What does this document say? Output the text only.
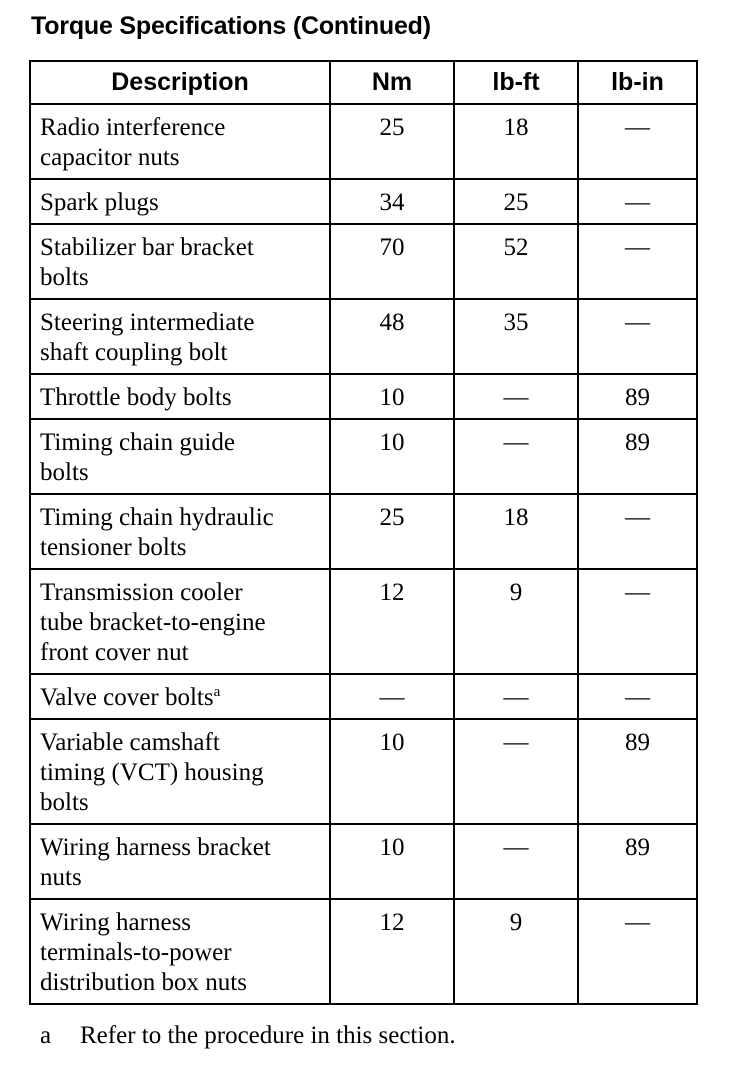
Torque Specifications (Continued)
Description	Nm	lb-ft	lb-in
Radio interference
capacitor nuts	25	18	—
Spark plugs	34	25	—
Stabilizer bar bracket
bolts	70	52	—
Steering intermediate
shaft coupling bolt	48	35	—
Throttle body bolts	10	—	89
Timing chain guide
bolts	10	—	89
Timing chain hydraulic
tensioner bolts	25	18	—
Transmission cooler
tube bracket-to-engine
front cover nut	12	9	—
Valve cover bolts$^a$	—	—	—
Variable camshaft
timing (VCT) housing
bolts	10	—	89
Wiring harness bracket
nuts	10	—	89
Wiring harness
terminals-to-power
distribution box nuts	12	9	—
a Refer to the procedure in this section.
